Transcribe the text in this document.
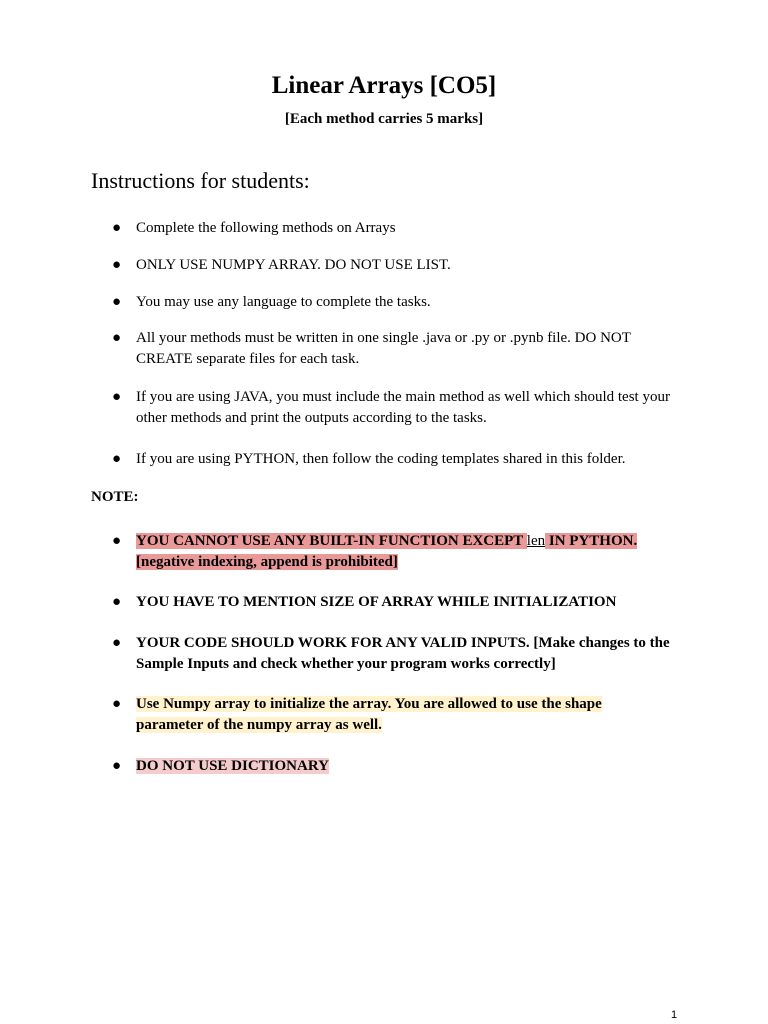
Linear Arrays [CO5]
[Each method carries 5 marks]
Instructions for students:
● Complete the following methods on Arrays
● ONLY USE NUMPY ARRAY. DO NOT USE LIST.
● You may use any language to complete the tasks.
● All your methods must be written in one single .java or .py or .pynb file. DO NOT CREATE separate files for each task.
● If you are using JAVA, you must include the main method as well which should test your other methods and print the outputs according to the tasks.
● If you are using PYTHON, then follow the coding templates shared in this folder.
NOTE:
● YOU CANNOT USE ANY BUILT-IN FUNCTION EXCEPT len IN PYTHON.
[negative indexing, append is prohibited]
● YOU HAVE TO MENTION SIZE OF ARRAY WHILE INITIALIZATION
● YOUR CODE SHOULD WORK FOR ANY VALID INPUTS. [Make changes to the Sample Inputs and check whether your program works correctly]
● Use Numpy array to initialize the array. You are allowed to use the shape parameter of the numpy array as well.
● DO NOT USE DICTIONARY
1
